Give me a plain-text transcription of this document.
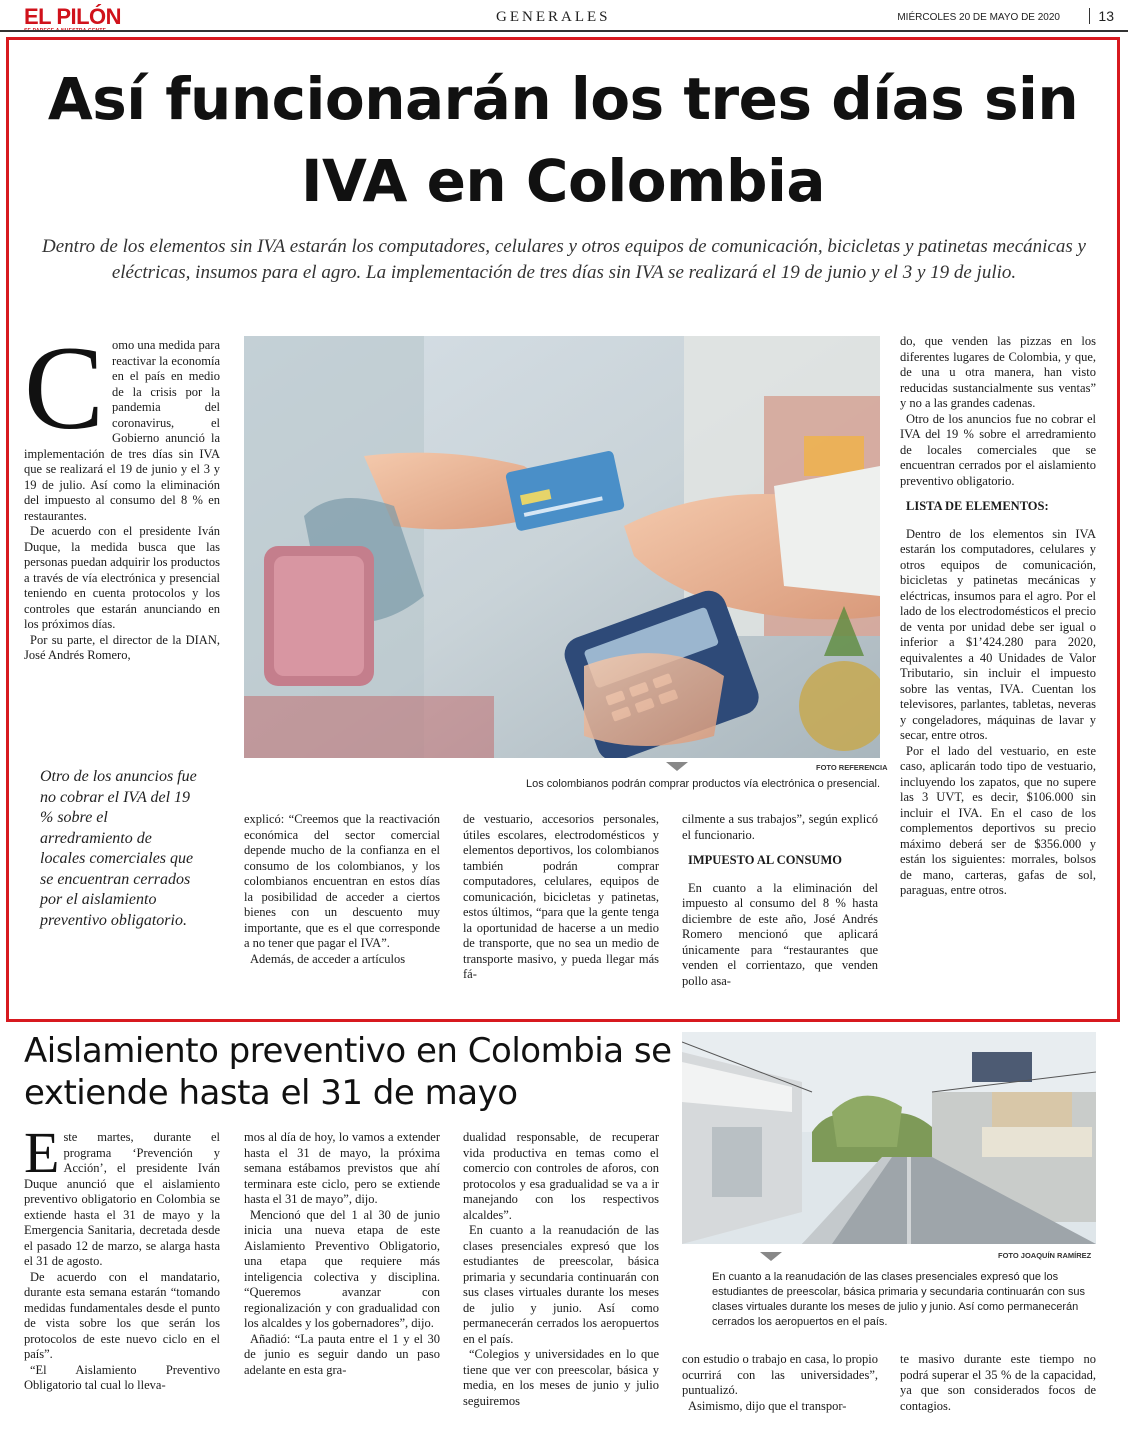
EL PILÓN	GENERALES	MIÉRCOLES 20 DE MAYO DE 2020	13
Así funcionarán los tres días sin IVA en Colombia
Dentro de los elementos sin IVA estarán los computadores, celulares y otros equipos de comunicación, bicicletas y patinetas mecánicas y eléctricas, insumos para el agro. La implementación de tres días sin IVA se realizará el 19 de junio y el 3 y 19 de julio.
C omo una medida para reactivar la economía en el país en medio de la crisis por la pandemia del coronavirus, el Gobierno anunció la implementación de tres días sin IVA que se realizará el 19 de junio y el 3 y 19 de julio. Así como la eliminación del impuesto al consumo del 8 % en restaurantes.

De acuerdo con el presidente Iván Duque, la medida busca que las personas puedan adquirir los productos a través de vía electrónica y presencial teniendo en cuenta protocolos y los controles que estarán anunciando en los próximos días.

Por su parte, el director de la DIAN, José Andrés Romero,

Otro de los anuncios fue no cobrar el IVA del 19 % sobre el arredramiento de locales comerciales que se encuentran cerrados por el aislamiento preventivo obligatorio.
FOTO REFERENCIA
Los colombianos podrán comprar productos vía electrónica o presencial.

explicó: “Creemos que la reactivación económica del sector comercial depende mucho de la confianza en el consumo de los colombianos, y los colombianos encuentran en estos días la posibilidad de acceder a ciertos bienes con un descuento muy importante, que es el que corresponde a no tener que pagar el IVA”.

Además, de acceder a artículos

de vestuario, accesorios personales, útiles escolares, electrodomésticos y elementos deportivos, los colombianos también podrán comprar computadores, celulares, equipos de comunicación, bicicletas y patinetas, estos últimos, “para que la gente tenga la oportunidad de hacerse a un medio de transporte, que no sea un medio de transporte masivo, y pueda llegar más fá-

cilmente a sus trabajos”, según explicó el funcionario.

IMPUESTO AL CONSUMO

En cuanto a la eliminación del impuesto al consumo del 8 % hasta diciembre de este año, José Andrés Romero mencionó que aplicará únicamente para “restaurantes que venden el corrientazo, que venden pollo asa-

do, que venden las pizzas en los diferentes lugares de Colombia, y que, de una u otra manera, han visto reducidas sustancialmente sus ventas” y no a las grandes cadenas.

Otro de los anuncios fue no cobrar el IVA del 19 % sobre el arredramiento de locales comerciales que se encuentran cerrados por el aislamiento preventivo obligatorio.

LISTA DE ELEMENTOS:

Dentro de los elementos sin IVA estarán los computadores, celulares y otros equipos de comunicación, bicicletas y patinetas mecánicas y eléctricas, insumos para el agro. Por el lado de los electrodomésticos el precio de venta por unidad debe ser igual o inferior a $1’424.280 para 2020, equivalentes a 40 Unidades de Valor Tributario, sin incluir el impuesto sobre las ventas, IVA. Cuentan los televisores, parlantes, tabletas, neveras y congeladores, máquinas de lavar y secar, entre otros.

Por el lado del vestuario, en este caso, aplicarán todo tipo de vestuario, incluyendo los zapatos, que no supere las 3 UVT, es decir, $106.000 sin incluir el IVA. En el caso de los complementos deportivos su precio máximo deberá ser de $356.000 y están los siguientes: morrales, bolsos de mano, carteras, gafas de sol, paraguas, entre otros.

Aislamiento preventivo en Colombia se extiende hasta el 31 de mayo
E ste martes, durante el programa ‘Prevención y Acción’, el presidente Iván Duque anunció que el aislamiento preventivo obligatorio en Colombia se extiende hasta el 31 de mayo y la Emergencia Sanitaria, decretada desde el pasado 12 de marzo, se alarga hasta el 31 de agosto.

De acuerdo con el mandatario, durante esta semana estarán “tomando medidas fundamentales desde el punto de vista sobre los que serán los protocolos de este nuevo ciclo en el país”.

“El Aislamiento Preventivo Obligatorio tal cual lo lleva-

mos al día de hoy, lo vamos a extender hasta el 31 de mayo, la próxima semana estábamos previstos que ahí terminara este ciclo, pero se extiende hasta el 31 de mayo”, dijo.

Mencionó que del 1 al 30 de junio inicia una nueva etapa de este Aislamiento Preventivo Obligatorio, una etapa que requiere más inteligencia colectiva y disciplina. “Queremos avanzar con regionalización y con gradualidad con los alcaldes y los gobernadores”, dijo.

Añadió: “La pauta entre el 1 y el 30 de junio es seguir dando un paso adelante en esta gra-

dualidad responsable, de recuperar vida productiva en temas como el comercio con controles de aforos, con protocolos y esa gradualidad se va a ir manejando con los respectivos alcaldes”.

En cuanto a la reanudación de las clases presenciales expresó que los estudiantes de preescolar, básica primaria y secundaria continuarán con sus clases virtuales durante los meses de julio y junio. Así como permanecerán cerrados los aeropuertos en el país.

“Colegios y universidades en lo que tiene que ver con preescolar, básica y media, en los meses de junio y julio seguiremos

FOTO JOAQUÍN RAMÍREZ
En cuanto a la reanudación de las clases presenciales expresó que los estudiantes de preescolar, básica primaria y secundaria continuarán con sus clases virtuales durante los meses de julio y junio. Así como permanecerán cerrados los aeropuertos en el país.

con estudio o trabajo en casa, lo propio ocurrirá con las universidades”, puntualizó.

Asimismo, dijo que el transpor-

te masivo durante este tiempo no podrá superar el 35 % de la capacidad, ya que son considerados focos de contagios.
